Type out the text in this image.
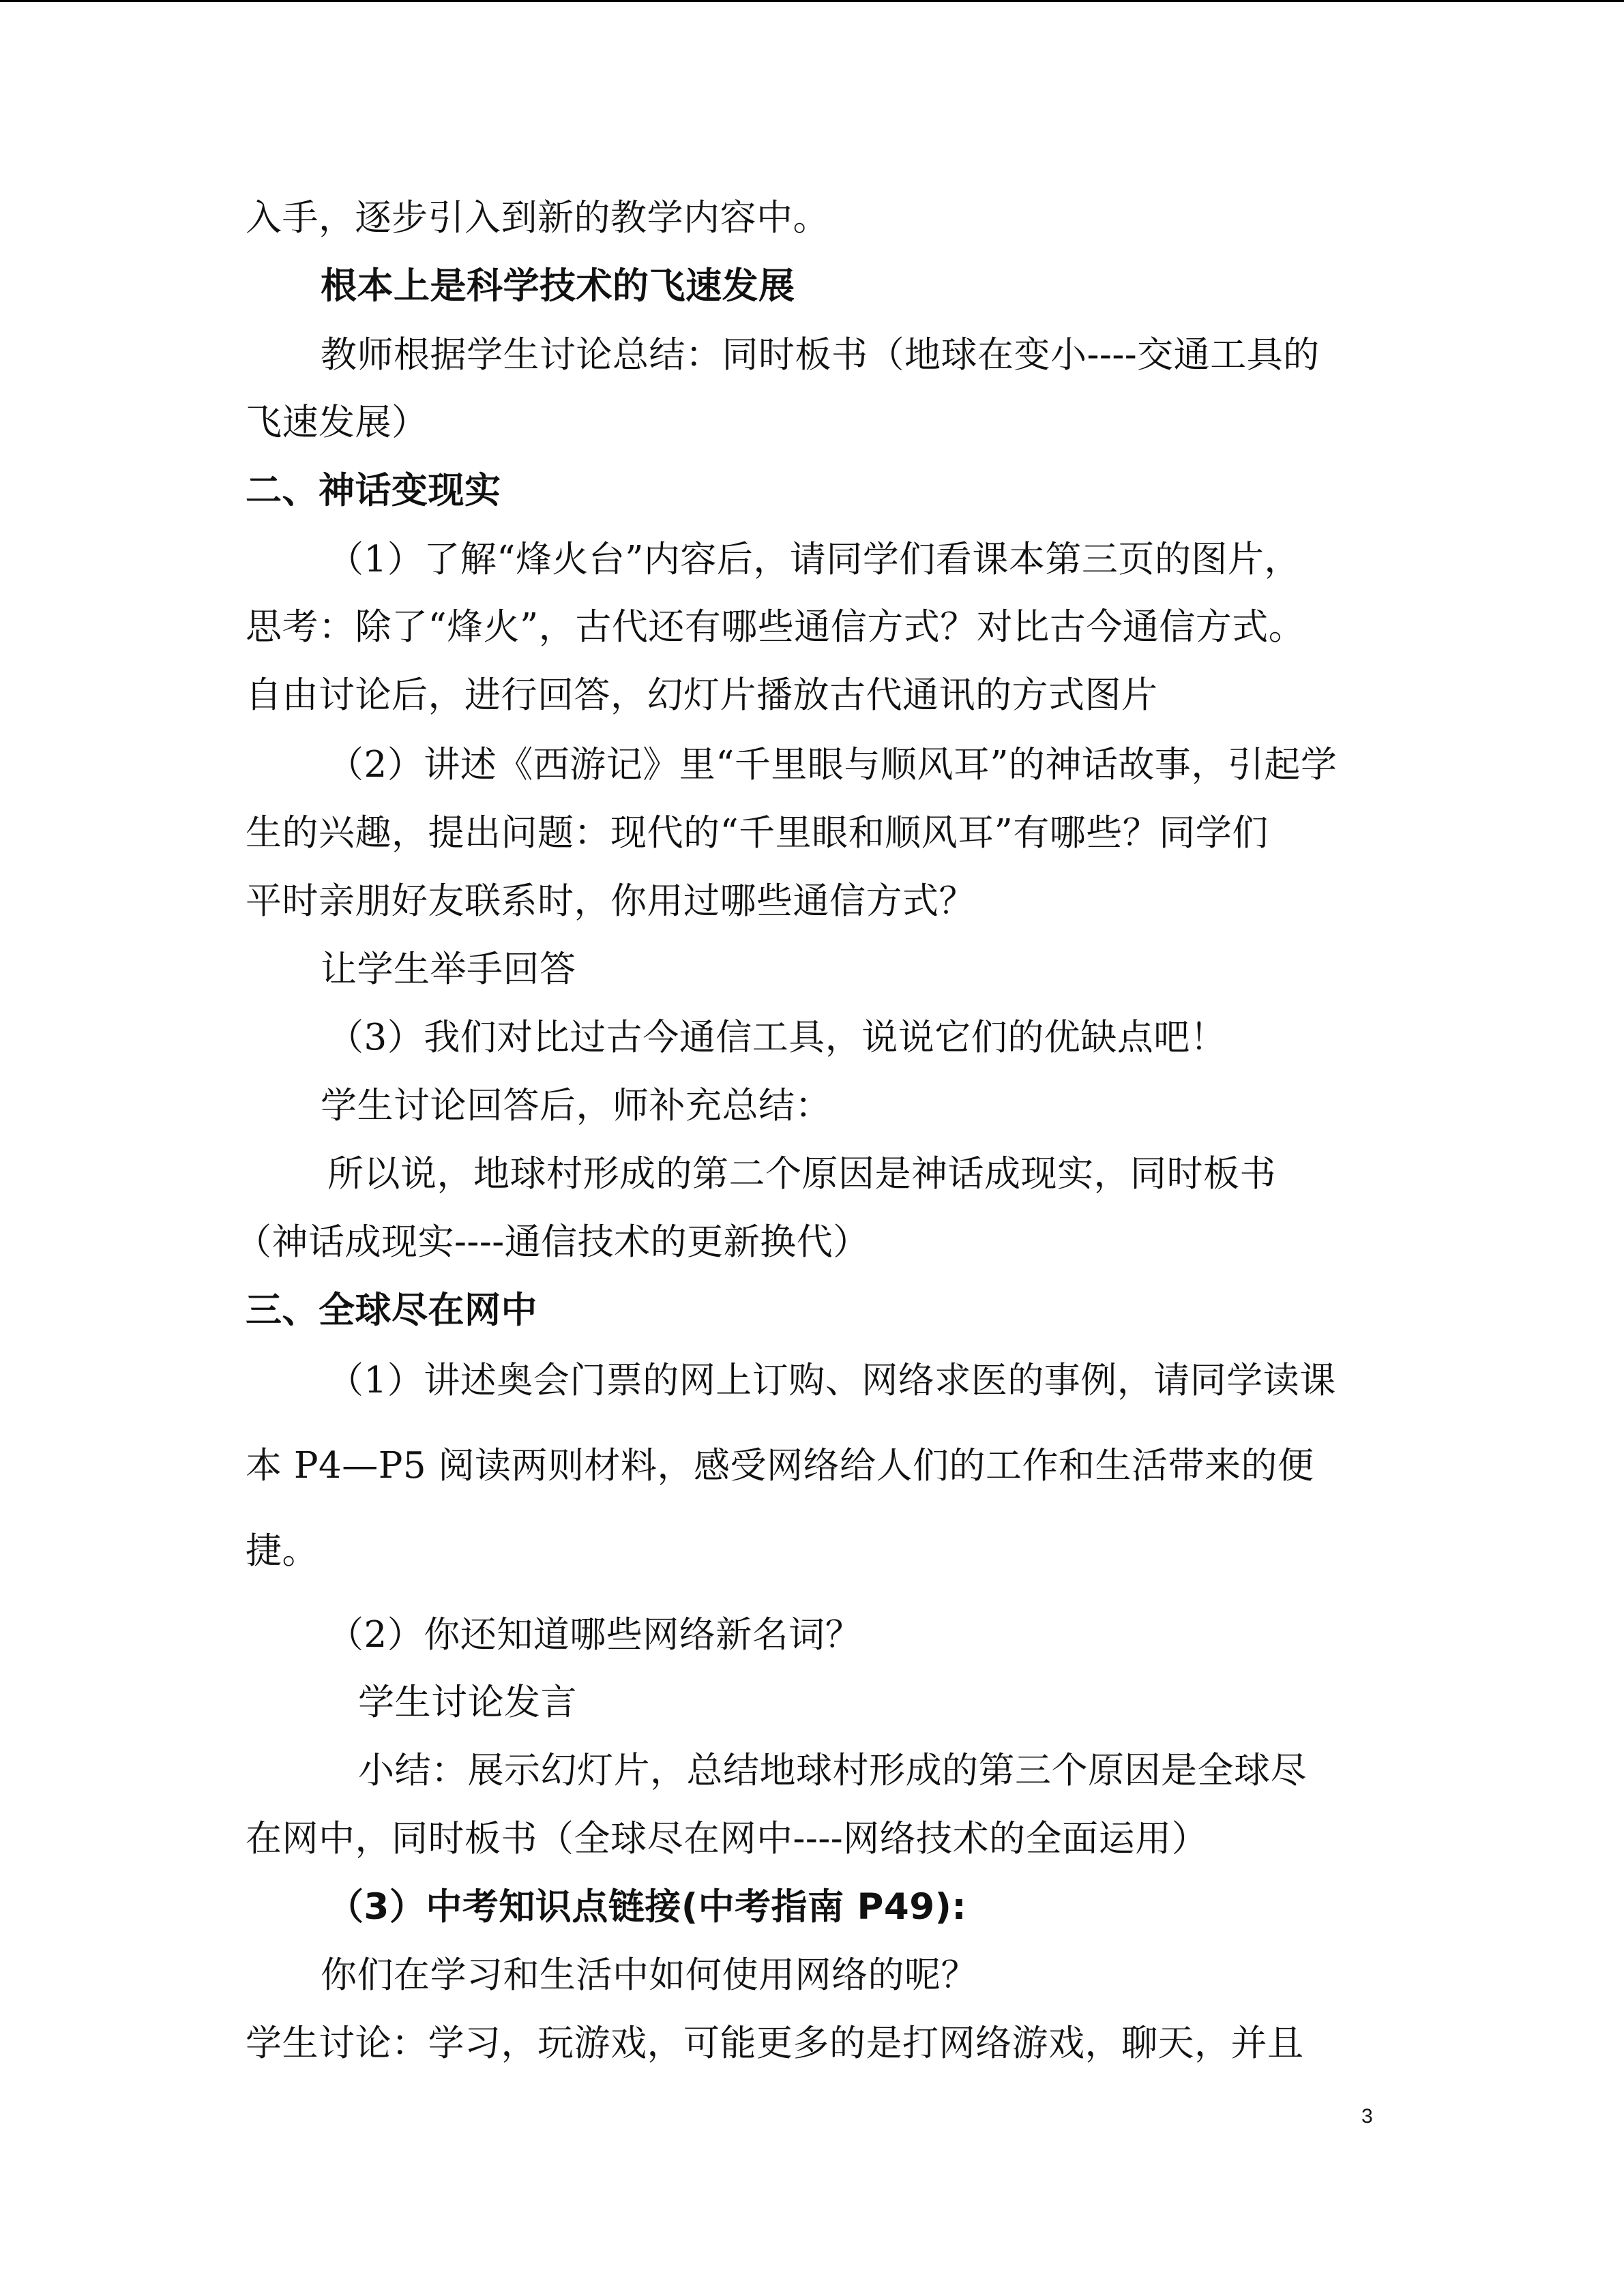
入手，逐步引入到新的教学内容中。
根本上是科学技术的飞速发展
教师根据学生讨论总结：同时板书（地球在变小----交通工具的
飞速发展）
二、神话变现实
（1）了解“烽火台”内容后，请同学们看课本第三页的图片，
思考：除了“烽火”，古代还有哪些通信方式？对比古今通信方式。
自由讨论后，进行回答，幻灯片播放古代通讯的方式图片
（2）讲述《西游记》里“千里眼与顺风耳”的神话故事，引起学
生的兴趣，提出问题：现代的“千里眼和顺风耳”有哪些？同学们
平时亲朋好友联系时，你用过哪些通信方式？
让学生举手回答
（3）我们对比过古今通信工具，说说它们的优缺点吧！
学生讨论回答后，师补充总结：
所以说，地球村形成的第二个原因是神话成现实，同时板书
（神话成现实----通信技术的更新换代）
三、全球尽在网中
（1）讲述奥会门票的网上订购、网络求医的事例，请同学读课
本 P4—P5 阅读两则材料，感受网络给人们的工作和生活带来的便
捷。
（2）你还知道哪些网络新名词？
学生讨论发言
小结：展示幻灯片，总结地球村形成的第三个原因是全球尽
在网中，同时板书（全球尽在网中----网络技术的全面运用）
（3）中考知识点链接(中考指南 P49):
你们在学习和生活中如何使用网络的呢？
学生讨论：学习，玩游戏，可能更多的是打网络游戏，聊天，并且
3
